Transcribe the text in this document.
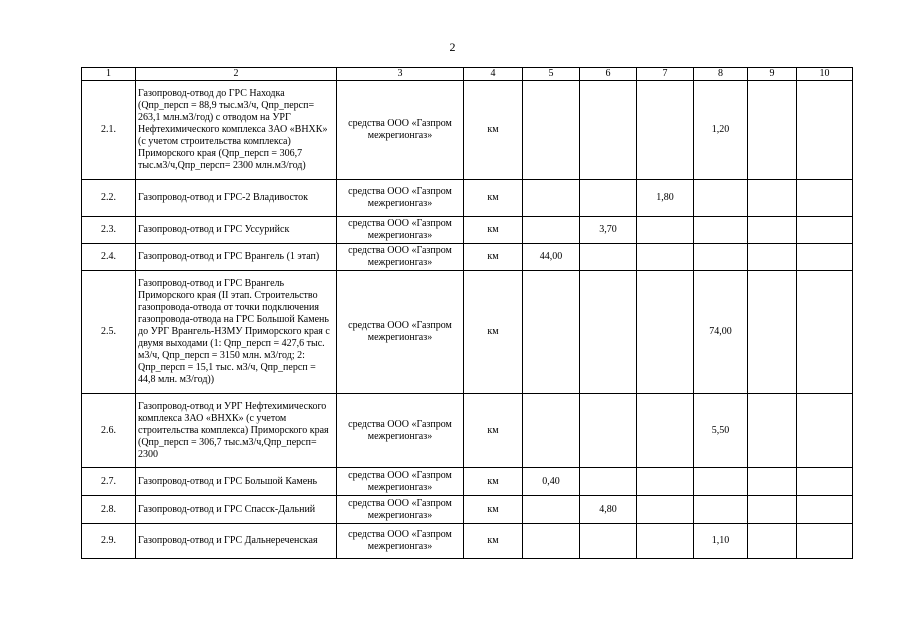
2
1	2	3	4	5	6	7	8	9	10
2.1.	Газопровод-отвод до ГРС Находка (Qпр_персп = 88,9 тыс.м3/ч, Qпр_персп= 263,1 млн.м3/год) с отводом на УРГ Нефтехимического комплекса ЗАО «ВНХК» (с учетом строительства комплекса) Приморского края (Qпр_персп = 306,7 тыс.м3/ч,Qпр_персп= 2300 млн.м3/год)	средства ООО «Газпром межрегионгаз»	км				1,20		
2.2.	Газопровод-отвод и ГРС-2 Владивосток	средства ООО «Газпром межрегионгаз»	км			1,80			
2.3.	Газопровод-отвод и ГРС Уссурийск	средства ООО «Газпром межрегионгаз»	км		3,70				
2.4.	Газопровод-отвод и ГРС Врангель (1 этап)	средства ООО «Газпром межрегионгаз»	км	44,00					
2.5.	Газопровод-отвод и ГРС Врангель Приморского края (II этап. Строительство газопровода-отвода от точки подключения газопровода-отвода на ГРС Большой Камень до УРГ Врангель-НЗМУ Приморского края с двумя выходами (1: Qпр_персп = 427,6 тыс. м3/ч, Qпр_персп = 3150 млн. м3/год; 2: Qпр_персп = 15,1 тыс. м3/ч, Qпр_персп = 44,8 млн. м3/год))	средства ООО «Газпром межрегионгаз»	км				74,00		
2.6.	Газопровод-отвод и УРГ Нефтехимического комплекса ЗАО «ВНХК» (с учетом строительства комплекса) Приморского края (Qпр_персп = 306,7 тыс.м3/ч,Qпр_персп= 2300	средства ООО «Газпром межрегионгаз»	км				5,50		
2.7.	Газопровод-отвод и ГРС Большой Камень	средства ООО «Газпром межрегионгаз»	км	0,40					
2.8.	Газопровод-отвод и ГРС Спасск-Дальний	средства ООО «Газпром межрегионгаз»	км		4,80				
2.9.	Газопровод-отвод и ГРС Дальнереченская	средства ООО «Газпром межрегионгаз»	км				1,10		
